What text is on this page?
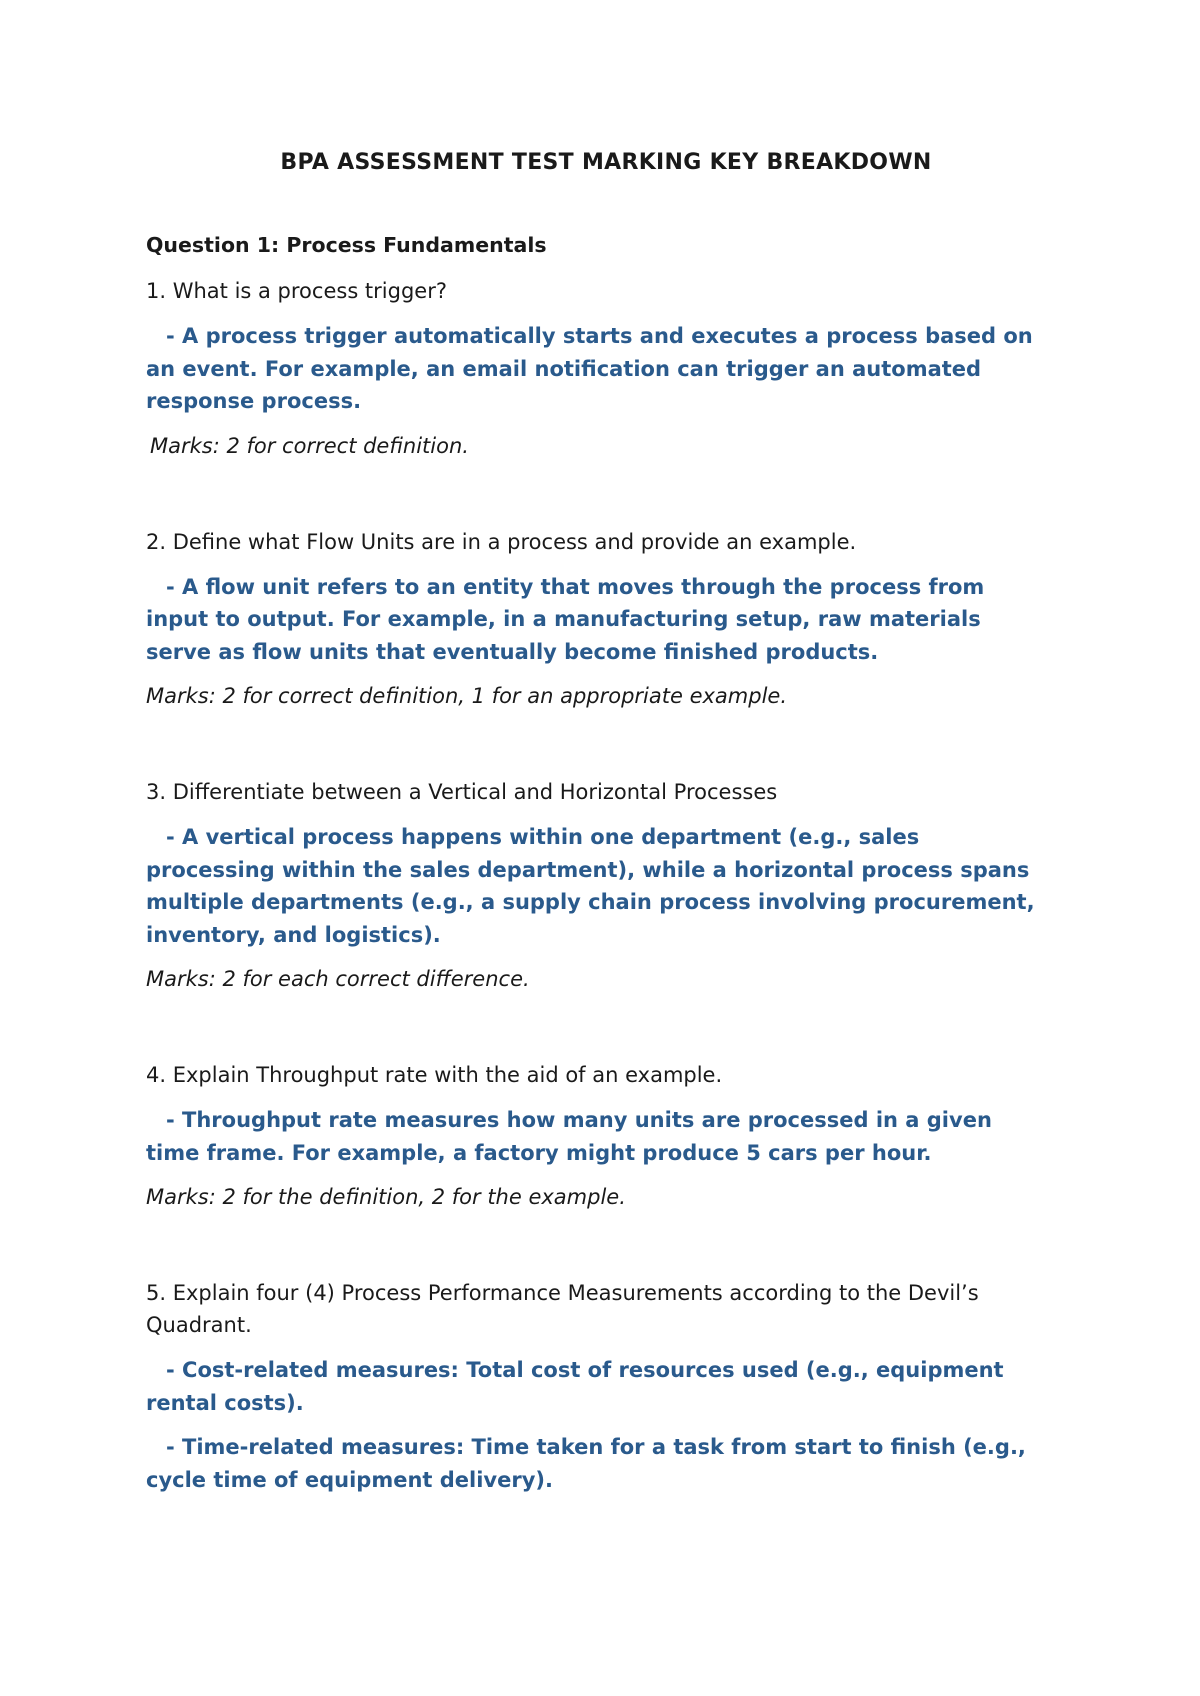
BPA ASSESSMENT TEST MARKING KEY BREAKDOWN
Question 1: Process Fundamentals

1. What is a process trigger?

- A process trigger automatically starts and executes a process based on an event. For example, an email notification can trigger an automated response process.

Marks: 2 for correct definition.

2. Define what Flow Units are in a process and provide an example.

- A flow unit refers to an entity that moves through the process from input to output. For example, in a manufacturing setup, raw materials serve as flow units that eventually become finished products.

Marks: 2 for correct definition, 1 for an appropriate example.

3. Differentiate between a Vertical and Horizontal Processes

- A vertical process happens within one department (e.g., sales processing within the sales department), while a horizontal process spans multiple departments (e.g., a supply chain process involving procurement, inventory, and logistics).

Marks: 2 for each correct difference.

4. Explain Throughput rate with the aid of an example.

- Throughput rate measures how many units are processed in a given time frame. For example, a factory might produce 5 cars per hour.

Marks: 2 for the definition, 2 for the example.

5. Explain four (4) Process Performance Measurements according to the Devil’s Quadrant.

- Cost-related measures: Total cost of resources used (e.g., equipment rental costs).

- Time-related measures: Time taken for a task from start to finish (e.g., cycle time of equipment delivery).
